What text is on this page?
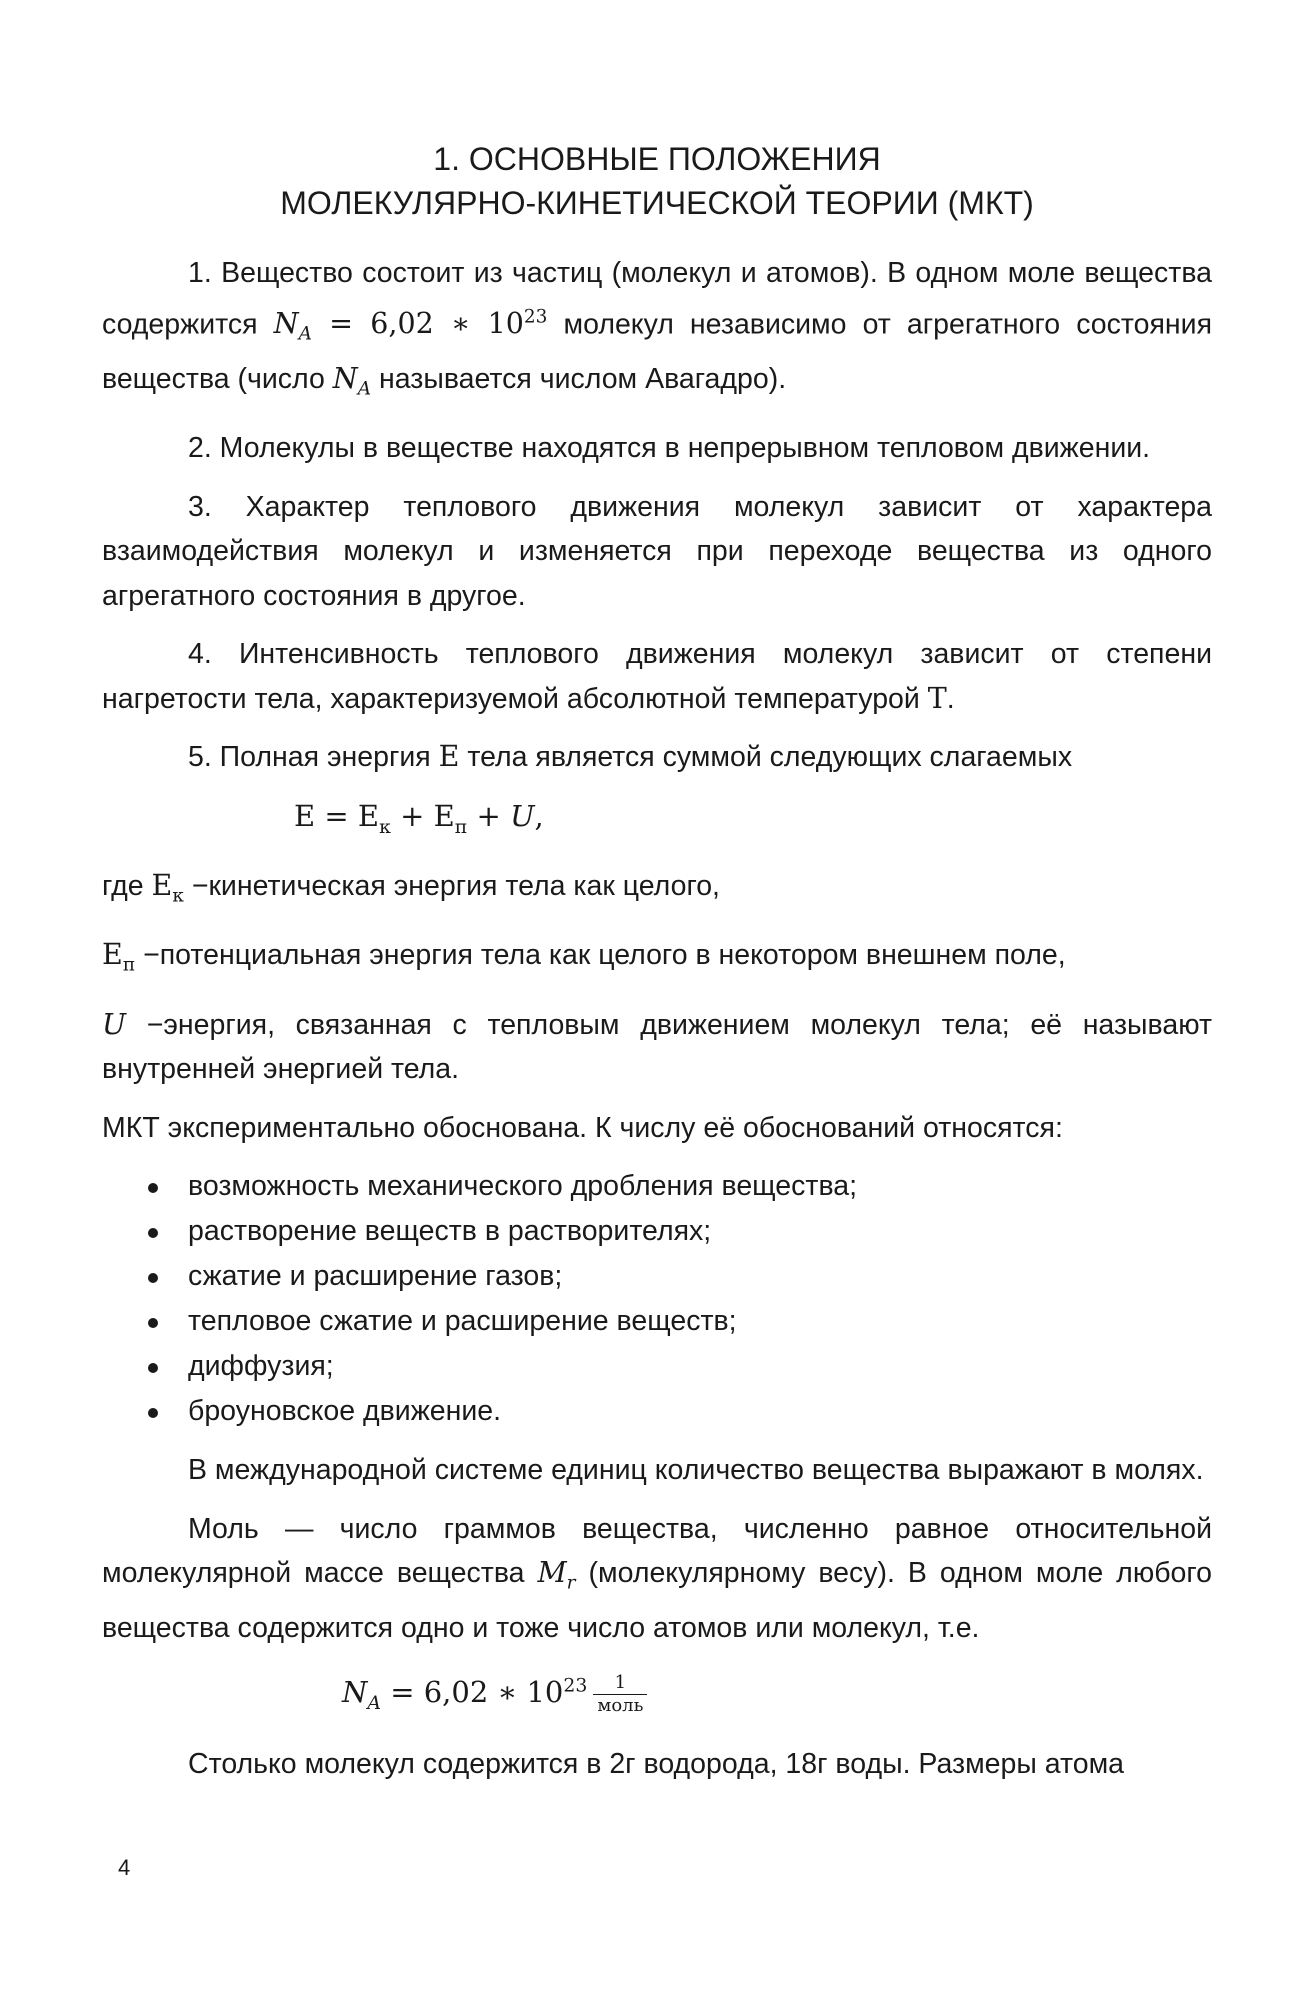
1. ОСНОВНЫЕ ПОЛОЖЕНИЯ
МОЛЕКУЛЯРНО-КИНЕТИЧЕСКОЙ ТЕОРИИ (МКТ)

1. Вещество состоит из частиц (молекул и атомов). В одном моле вещества содержится $N_A = 6,02$ ∗ $10^{23}$ молекул независимо от агрегатного состояния вещества (число $N_A$ называется числом Авагадро).

2. Молекулы в веществе находятся в непрерывном тепловом движении.

3. Характер теплового движения молекул зависит от характера взаимодействия молекул и изменяется при переходе вещества из одного агрегатного состояния в другое.

4. Интенсивность теплового движения молекул зависит от степени нагретости тела, характеризуемой абсолютной температурой T.

5. Полная энергия E тела является суммой следующих слагаемых

$E = E_к + E_п + U$,

где $E_к$ −кинетическая энергия тела как целого,

$E_п$ −потенциальная энергия тела как целого в некотором внешнем поле,

U −энергия, связанная с тепловым движением молекул тела; её называют внутренней энергией тела.

МКТ экспериментально обоснована. К числу её обоснований относятся:

возможность механического дробления вещества;
растворение веществ в растворителях;
сжатие и расширение газов;
тепловое сжатие и расширение веществ;
диффузия;
броуновское движение.

В международной системе единиц количество вещества выражают в молях.

Моль — число граммов вещества, численно равное относительной молекулярной массе вещества $M_r$ (молекулярному весу). В одном моле любого вещества содержится одно и тоже число атомов или молекул, т.е.

$N_A = 6,02$ ∗ $10^{23} \frac{1}{\text{моль}}$

Столько молекул содержится в 2г водорода, 18г воды. Размеры атома

4
